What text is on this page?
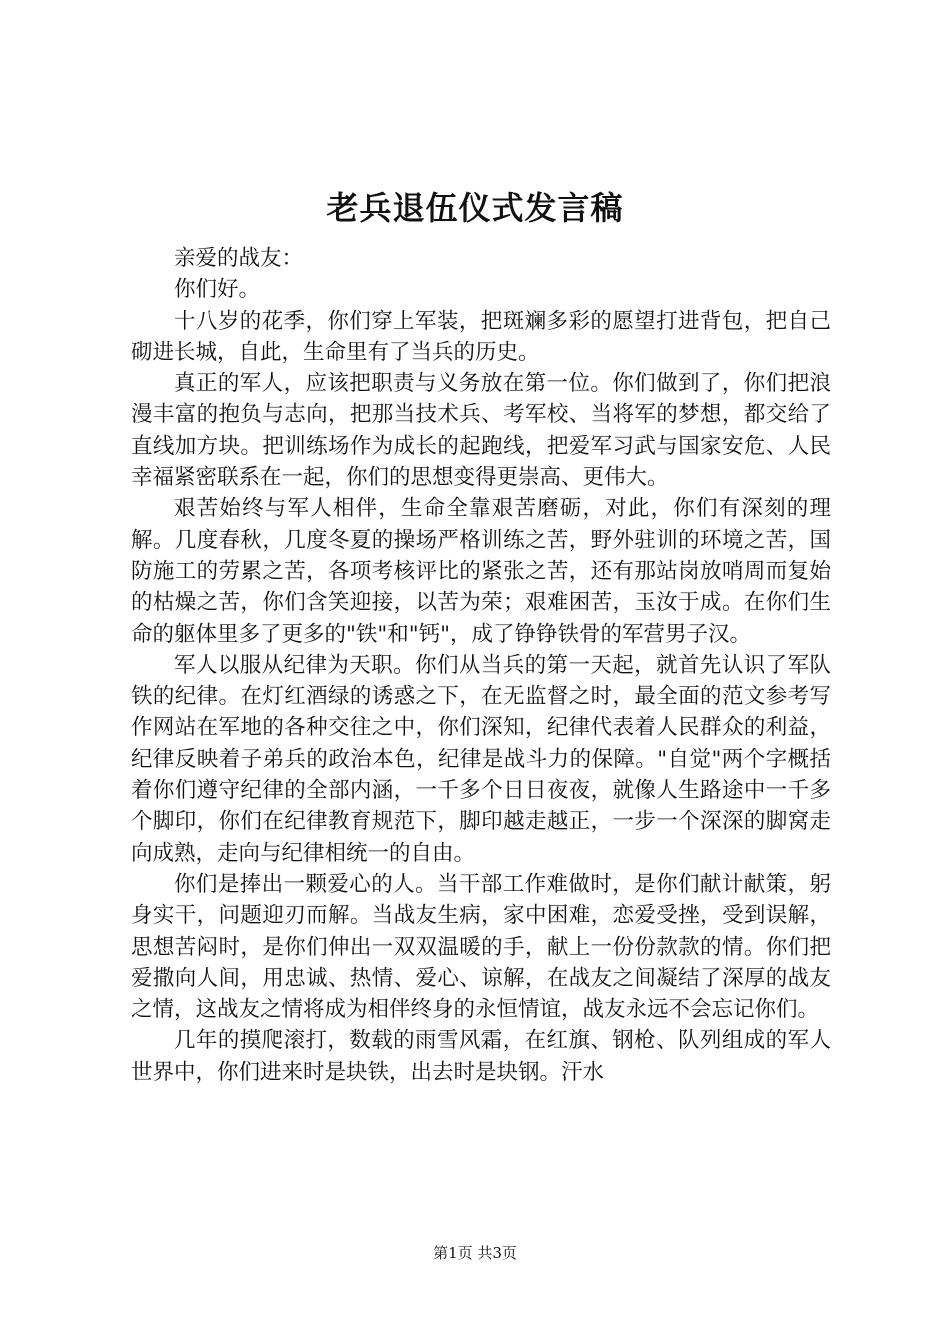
老兵退伍仪式发言稿

亲爱的战友：

你们好。

十八岁的花季，你们穿上军装，把斑斓多彩的愿望打进背包，把自己砌进长城，自此，生命里有了当兵的历史。

真正的军人，应该把职责与义务放在第一位。你们做到了，你们把浪漫丰富的抱负与志向，把那当技术兵、考军校、当将军的梦想，都交给了直线加方块。把训练场作为成长的起跑线，把爱军习武与国家安危、人民幸福紧密联系在一起，你们的思想变得更崇高、更伟大。

艰苦始终与军人相伴，生命全靠艰苦磨砺，对此，你们有深刻的理解。几度春秋，几度冬夏的操场严格训练之苦，野外驻训的环境之苦，国防施工的劳累之苦，各项考核评比的紧张之苦，还有那站岗放哨周而复始的枯燥之苦，你们含笑迎接，以苦为荣；艰难困苦，玉汝于成。在你们生命的躯体里多了更多的"铁"和"钙"，成了铮铮铁骨的军营男子汉。

军人以服从纪律为天职。你们从当兵的第一天起，就首先认识了军队铁的纪律。在灯红酒绿的诱惑之下，在无监督之时，最全面的范文参考写作网站在军地的各种交往之中，你们深知，纪律代表着人民群众的利益，纪律反映着子弟兵的政治本色，纪律是战斗力的保障。"自觉"两个字概括着你们遵守纪律的全部内涵，一千多个日日夜夜，就像人生路途中一千多个脚印，你们在纪律教育规范下，脚印越走越正，一步一个深深的脚窝走向成熟，走向与纪律相统一的自由。

你们是捧出一颗爱心的人。当干部工作难做时，是你们献计献策，躬身实干，问题迎刃而解。当战友生病，家中困难，恋爱受挫，受到误解，思想苦闷时，是你们伸出一双双温暖的手，献上一份份款款的情。你们把爱撒向人间，用忠诚、热情、爱心、谅解，在战友之间凝结了深厚的战友之情，这战友之情将成为相伴终身的永恒情谊，战友永远不会忘记你们。

几年的摸爬滚打，数载的雨雪风霜，在红旗、钢枪、队列组成的军人世界中，你们进来时是块铁，出去时是块钢。汗水

第1页 共3页
